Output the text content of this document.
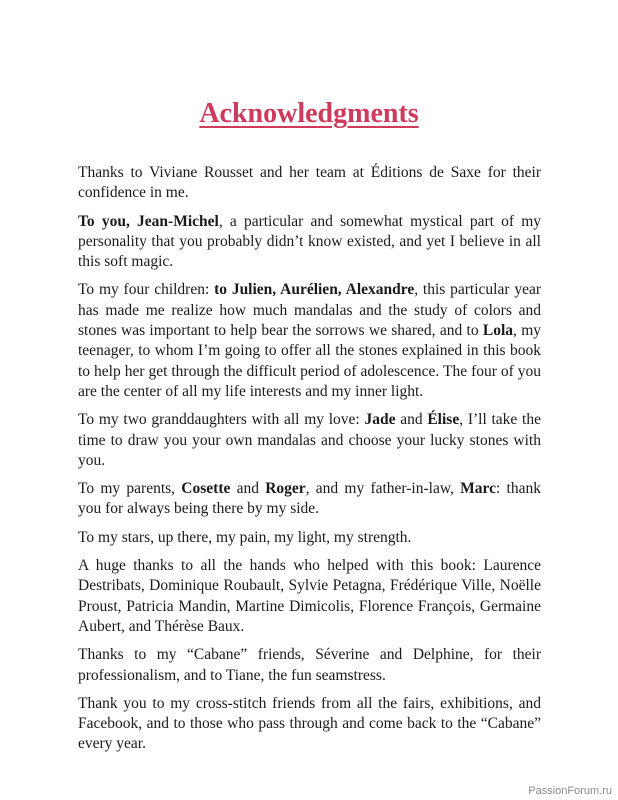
Acknowledgments

Thanks to Viviane Rousset and her team at Éditions de Saxe for their confidence in me.

To you, Jean-Michel, a particular and somewhat mystical part of my personality that you probably didn’t know existed, and yet I believe in all this soft magic.

To my four children: to Julien, Aurélien, Alexandre, this particular year has made me realize how much mandalas and the study of colors and stones was important to help bear the sorrows we shared, and to Lola, my teenager, to whom I’m going to offer all the stones explained in this book to help her get through the difficult period of adolescence. The four of you are the center of all my life interests and my inner light.

To my two granddaughters with all my love: Jade and Élise, I’ll take the time to draw you your own mandalas and choose your lucky stones with you.

To my parents, Cosette and Roger, and my father-in-law, Marc: thank you for always being there by my side.

To my stars, up there, my pain, my light, my strength.

A huge thanks to all the hands who helped with this book: Laurence Destribats, Dominique Roubault, Sylvie Petagna, Frédérique Ville, Noëlle Proust, Patricia Mandin, Martine Dimicolis, Florence François, Germaine Aubert, and Thérèse Baux.

Thanks to my “Cabane” friends, Séverine and Delphine, for their professionalism, and to Tiane, the fun seamstress.

Thank you to my cross-stitch friends from all the fairs, exhibitions, and Facebook, and to those who pass through and come back to the “Cabane” every year.

PassionForum.ru
